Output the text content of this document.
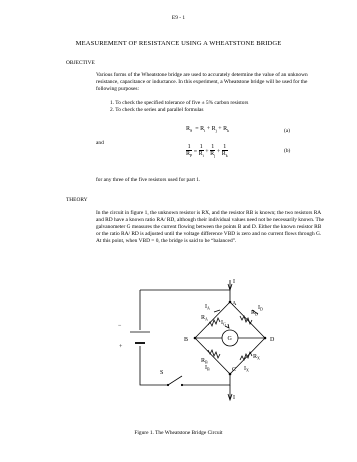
E9 - 1
MEASUREMENT OF RESISTANCE USING A WHEATSTONE BRIDGE
OBJECTIVE
Various forms of the Wheatstone bridge are used to accurately determine the value of an unknown resistance, capacitance or inductance. In this experiment, a Wheatstone bridge will be used for the following purposes:
1. To check the specified tolerance of five ± 5% carbon resistors
2. To check the series and parallel formulas
$R_S = R_i + R_j + R_k$	(a)
and
$\frac{1}{R_P} = \frac{1}{R_i} + \frac{1}{R_j} + \frac{1}{R_k}$	(b)
for any three of the five resistors used for part 1.
THEORY
In the circuit in figure 1, the unknown resistor is RX, and the resistor RB is known; the two resistors RA and RD have a known ratio RA/ RD, although their individual values need not be necessarily known. The galvanometer G measures the current flowing between the points B and D. Either the known resistor RB or the ratio RA/ RD is adjusted until the voltage difference VBD is zero and no current flows through G. At this point, when VBD = 0, the bridge is said to be “balanced”.
I
I
A
B
C
D
G
S
−
+
$R_A$
$R_D$
$R_B$
$R_X$
$I_A$	$I_D$
$I_G$
$I_B$	$I_X$
Figure 1. The Wheatstone Bridge Circuit
